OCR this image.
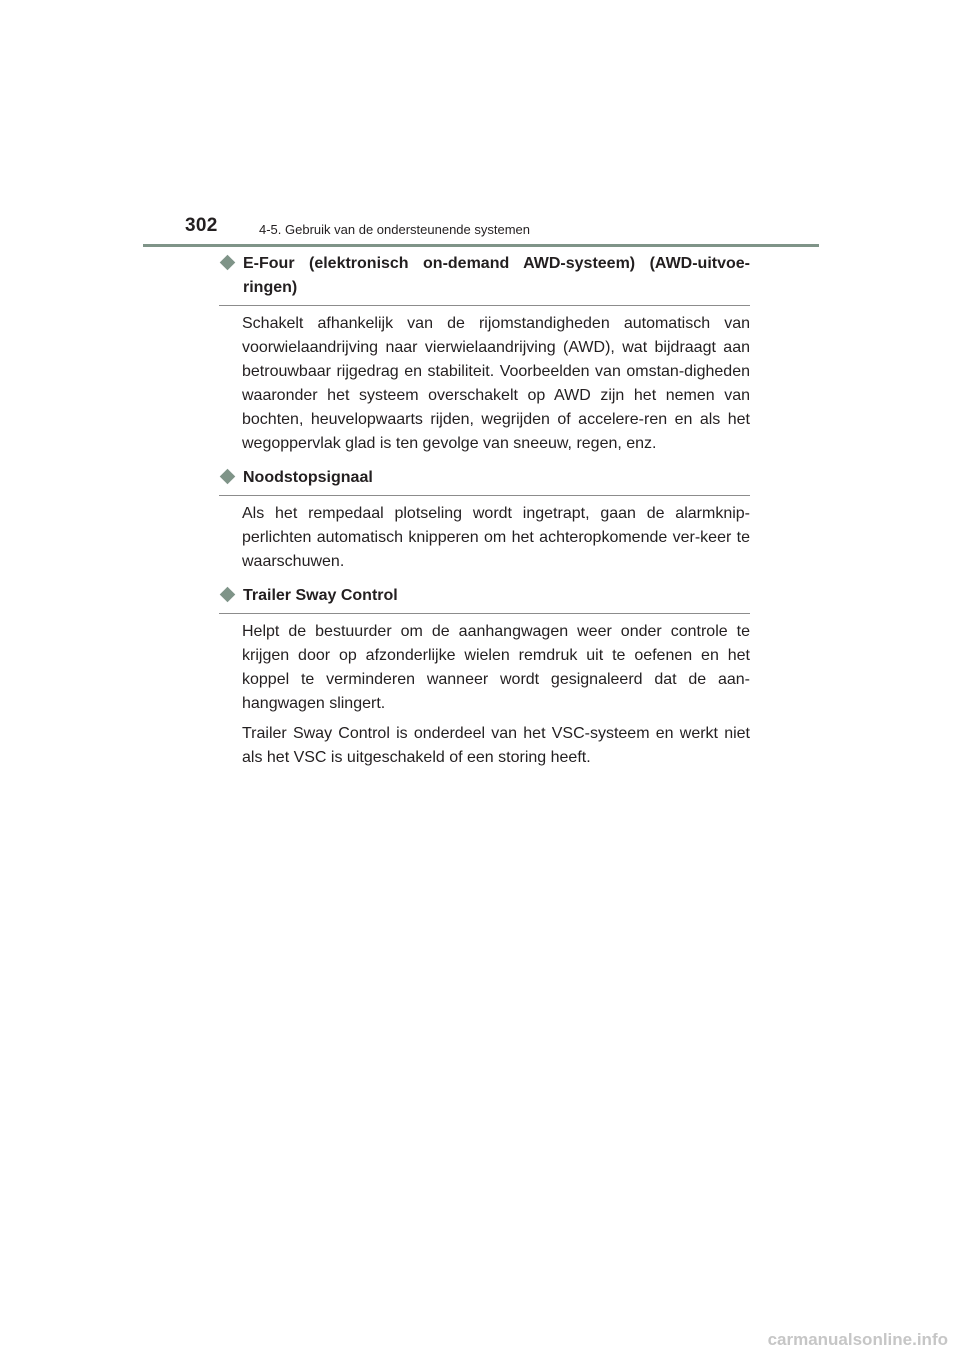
302	4-5. Gebruik van de ondersteunende systemen
E-Four (elektronisch on-demand AWD-systeem) (AWD-uitvoe-ringen)

Schakelt afhankelijk van de rijomstandigheden automatisch van voorwielaandrijving naar vierwielaandrijving (AWD), wat bijdraagt aan betrouwbaar rijgedrag en stabiliteit. Voorbeelden van omstan-digheden waaronder het systeem overschakelt op AWD zijn het nemen van bochten, heuvelopwaarts rijden, wegrijden of accelere-ren en als het wegoppervlak glad is ten gevolge van sneeuw, regen, enz.

Noodstopsignaal

Als het rempedaal plotseling wordt ingetrapt, gaan de alarmknip-perlichten automatisch knipperen om het achteropkomende ver-keer te waarschuwen.

Trailer Sway Control

Helpt de bestuurder om de aanhangwagen weer onder controle te krijgen door op afzonderlijke wielen remdruk uit te oefenen en het koppel te verminderen wanneer wordt gesignaleerd dat de aan-hangwagen slingert.

Trailer Sway Control is onderdeel van het VSC-systeem en werkt niet als het VSC is uitgeschakeld of een storing heeft.

carmanualsonline.info
